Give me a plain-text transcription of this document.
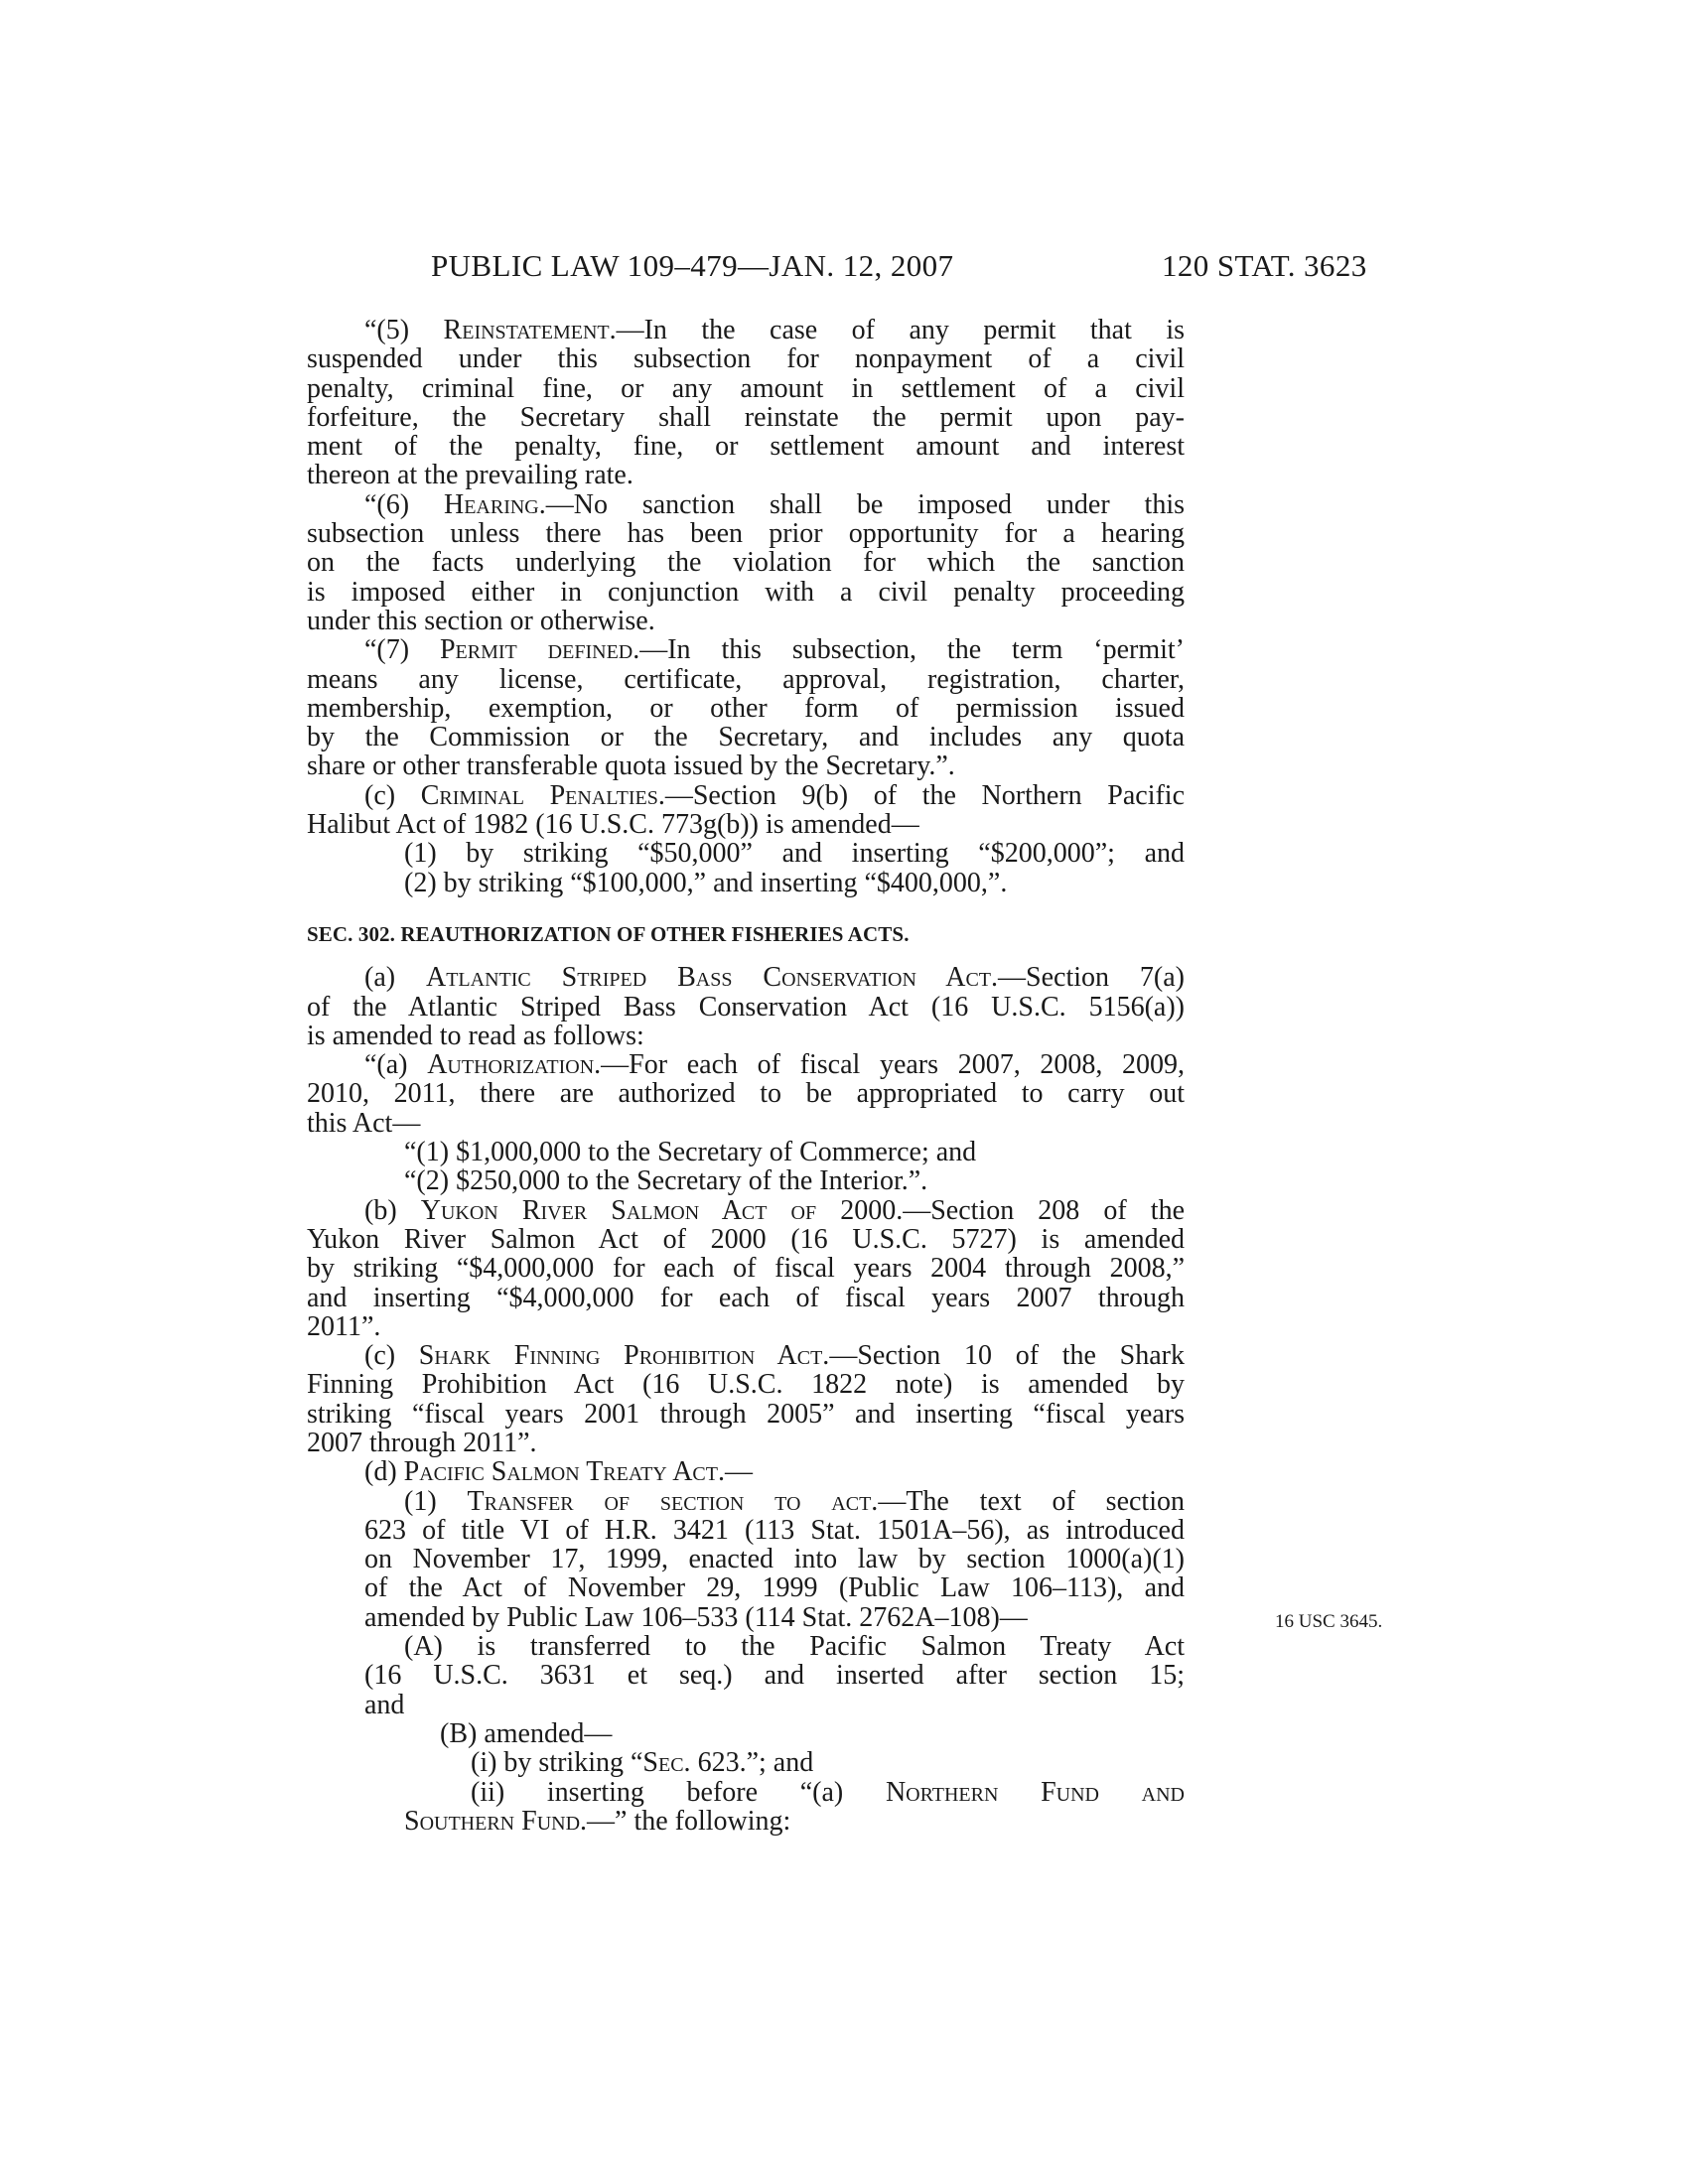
PUBLIC LAW 109–479—JAN. 12, 2007	120 STAT. 3623
“(5) Reinstatement.—In the case of any permit that is
suspended under this subsection for nonpayment of a civil
penalty, criminal fine, or any amount in settlement of a civil
forfeiture, the Secretary shall reinstate the permit upon pay-
ment of the penalty, fine, or settlement amount and interest
thereon at the prevailing rate.
“(6) Hearing.—No sanction shall be imposed under this
subsection unless there has been prior opportunity for a hearing
on the facts underlying the violation for which the sanction
is imposed either in conjunction with a civil penalty proceeding
under this section or otherwise.
“(7) Permit defined.—In this subsection, the term ‘permit’
means any license, certificate, approval, registration, charter,
membership, exemption, or other form of permission issued
by the Commission or the Secretary, and includes any quota
share or other transferable quota issued by the Secretary.”.
(c) Criminal Penalties.—Section 9(b) of the Northern Pacific
Halibut Act of 1982 (16 U.S.C. 773g(b)) is amended—
(1) by striking “$50,000” and inserting “$200,000”; and
(2) by striking “$100,000,” and inserting “$400,000,”.
SEC. 302. REAUTHORIZATION OF OTHER FISHERIES ACTS.
(a) Atlantic Striped Bass Conservation Act.—Section 7(a)
of the Atlantic Striped Bass Conservation Act (16 U.S.C. 5156(a))
is amended to read as follows:
“(a) Authorization.—For each of fiscal years 2007, 2008, 2009,
2010, 2011, there are authorized to be appropriated to carry out
this Act—
“(1) $1,000,000 to the Secretary of Commerce; and
“(2) $250,000 to the Secretary of the Interior.”.
(b) Yukon River Salmon Act of 2000.—Section 208 of the
Yukon River Salmon Act of 2000 (16 U.S.C. 5727) is amended
by striking “$4,000,000 for each of fiscal years 2004 through 2008,”
and inserting “$4,000,000 for each of fiscal years 2007 through
2011”.
(c) Shark Finning Prohibition Act.—Section 10 of the Shark
Finning Prohibition Act (16 U.S.C. 1822 note) is amended by
striking “fiscal years 2001 through 2005” and inserting “fiscal years
2007 through 2011”.
(d) Pacific Salmon Treaty Act.—
(1) Transfer of section to act.—The text of section
623 of title VI of H.R. 3421 (113 Stat. 1501A–56), as introduced
on November 17, 1999, enacted into law by section 1000(a)(1)
of the Act of November 29, 1999 (Public Law 106–113), and
amended by Public Law 106–533 (114 Stat. 2762A–108)—	16 USC 3645.
(A) is transferred to the Pacific Salmon Treaty Act
(16 U.S.C. 3631 et seq.) and inserted after section 15;
and
(B) amended—
(i) by striking “Sec. 623.”; and
(ii) inserting before “(a) Northern Fund and
Southern Fund.—” the following:
